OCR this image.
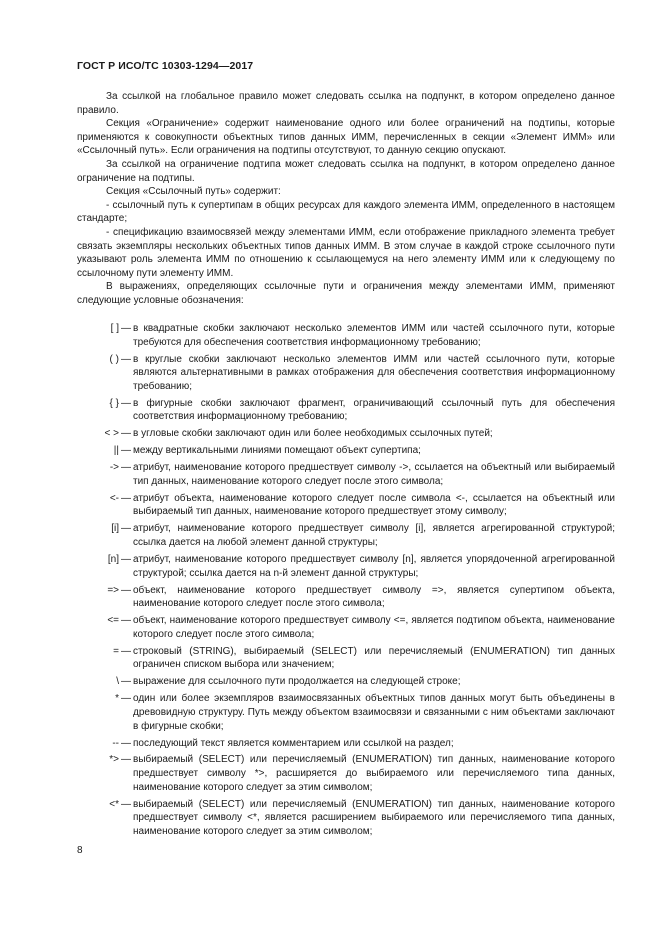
ГОСТ Р ИСО/ТС 10303-1294—2017

За ссылкой на глобальное правило может следовать ссылка на подпункт, в котором определено данное правило.

Секция «Ограничение» содержит наименование одного или более ограничений на подтипы, которые применяются к совокупности объектных типов данных ИММ, перечисленных в секции «Элемент ИММ» или «Ссылочный путь». Если ограничения на подтипы отсутствуют, то данную секцию опускают.

За ссылкой на ограничение подтипа может следовать ссылка на подпункт, в котором определено данное ограничение на подтипы.

Секция «Ссылочный путь» содержит:

- ссылочный путь к супертипам в общих ресурсах для каждого элемента ИММ, определенного в настоящем стандарте;

- спецификацию взаимосвязей между элементами ИММ, если отображение прикладного элемента требует связать экземпляры нескольких объектных типов данных ИММ. В этом случае в каждой строке ссылочного пути указывают роль элемента ИММ по отношению к ссылающемуся на него элементу ИММ или к следующему по ссылочному пути элементу ИММ.

В выражениях, определяющих ссылочные пути и ограничения между элементами ИММ, применяют следующие условные обозначения:

[ ] — в квадратные скобки заключают несколько элементов ИММ или частей ссылочного пути, которые требуются для обеспечения соответствия информационному требованию;
( ) — в круглые скобки заключают несколько элементов ИММ или частей ссылочного пути, которые являются альтернативными в рамках отображения для обеспечения соответствия информационному требованию;
{ } — в фигурные скобки заключают фрагмент, ограничивающий ссылочный путь для обеспечения соответствия информационному требованию;
< > — в угловые скобки заключают один или более необходимых ссылочных путей;
|| — между вертикальными линиями помещают объект супертипа;
-> — атрибут, наименование которого предшествует символу ->, ссылается на объектный или выбираемый тип данных, наименование которого следует после этого символа;
<- — атрибут объекта, наименование которого следует после символа <-, ссылается на объектный или выбираемый тип данных, наименование которого предшествует этому символу;
[i] — атрибут, наименование которого предшествует символу [i], является агрегированной структурой; ссылка дается на любой элемент данной структуры;
[n] — атрибут, наименование которого предшествует символу [n], является упорядоченной агрегированной структурой; ссылка дается на n-й элемент данной структуры;
=> — объект, наименование которого предшествует символу =>, является супертипом объекта, наименование которого следует после этого символа;
<= — объект, наименование которого предшествует символу <=, является подтипом объекта, наименование которого следует после этого символа;
= — строковый (STRING), выбираемый (SELECT) или перечисляемый (ENUMERATION) тип данных ограничен списком выбора или значением;
\ — выражение для ссылочного пути продолжается на следующей строке;
* — один или более экземпляров взаимосвязанных объектных типов данных могут быть объединены в древовидную структуру. Путь между объектом взаимосвязи и связанными с ним объектами заключают в фигурные скобки;
-- — последующий текст является комментарием или ссылкой на раздел;
*> — выбираемый (SELECT) или перечисляемый (ENUMERATION) тип данных, наименование которого предшествует символу *>, расширяется до выбираемого или перечисляемого типа данных, наименование которого следует за этим символом;
<* — выбираемый (SELECT) или перечисляемый (ENUMERATION) тип данных, наименование которого предшествует символу <*, является расширением выбираемого или перечисляемого типа данных, наименование которого следует за этим символом;
8
